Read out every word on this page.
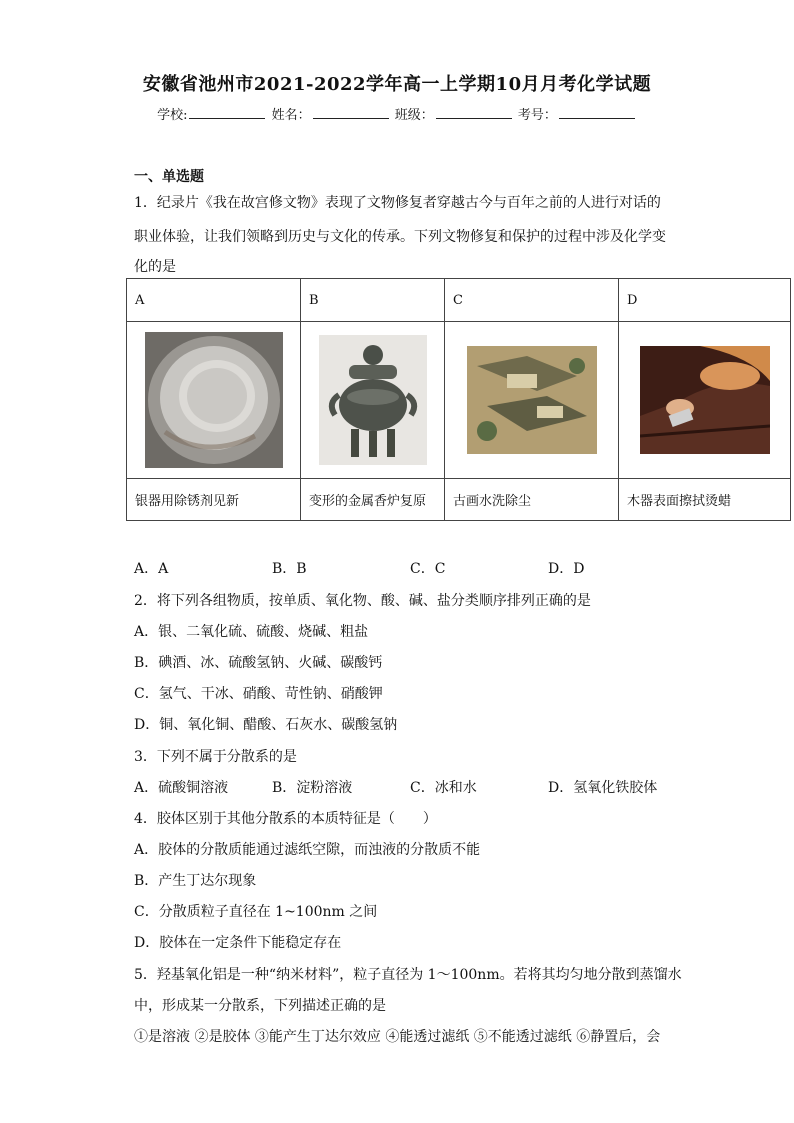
安徽省池州市2021-2022学年高一上学期10月月考化学试题
学校:	姓名：	班级：	考号：
一、单选题
1．纪录片《我在故宫修文物》表现了文物修复者穿越古今与百年之前的人进行对话的
职业体验，让我们领略到历史与文化的传承。下列文物修复和保护的过程中涉及化学变
化的是
A	B	C	D

银器用除锈剂见新	变形的金属香炉复原	古画水洗除尘	木器表面擦拭烫蜡
A．A	B．B	C．C	D．D
2．将下列各组物质，按单质、氧化物、酸、碱、盐分类顺序排列正确的是
A．银、二氧化硫、硫酸、烧碱、粗盐
B．碘酒、冰、硫酸氢钠、火碱、碳酸钙
C．氢气、干冰、硝酸、苛性钠、硝酸钾
D．铜、氧化铜、醋酸、石灰水、碳酸氢钠
3．下列不属于分散系的是
A．硫酸铜溶液	B．淀粉溶液	C．冰和水	D．氢氧化铁胶体
4．胶体区别于其他分散系的本质特征是（　　）
A．胶体的分散质能通过滤纸空隙，而浊液的分散质不能
B．产生丁达尔现象
C．分散质粒子直径在 1~100nm 之间
D．胶体在一定条件下能稳定存在
5．羟基氧化铝是一种“纳米材料”，粒子直径为 1～100nm。若将其均匀地分散到蒸馏水
中，形成某一分散系，下列描述正确的是
①是溶液 ②是胶体 ③能产生丁达尔效应 ④能透过滤纸 ⑤不能透过滤纸 ⑥静置后，会
